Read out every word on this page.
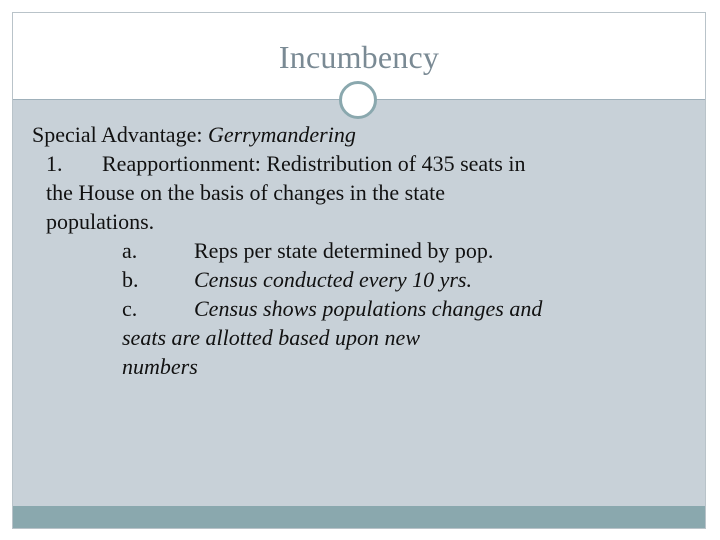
Incumbency
Special Advantage: Gerrymandering
1. Reapportionment: Redistribution of 435 seats in
the House on the basis of changes in the state
populations.
a.	Reps per state determined by pop.
b.	Census conducted every 10 yrs.
c.	Census shows populations changes and
seats are allotted based upon new
numbers
